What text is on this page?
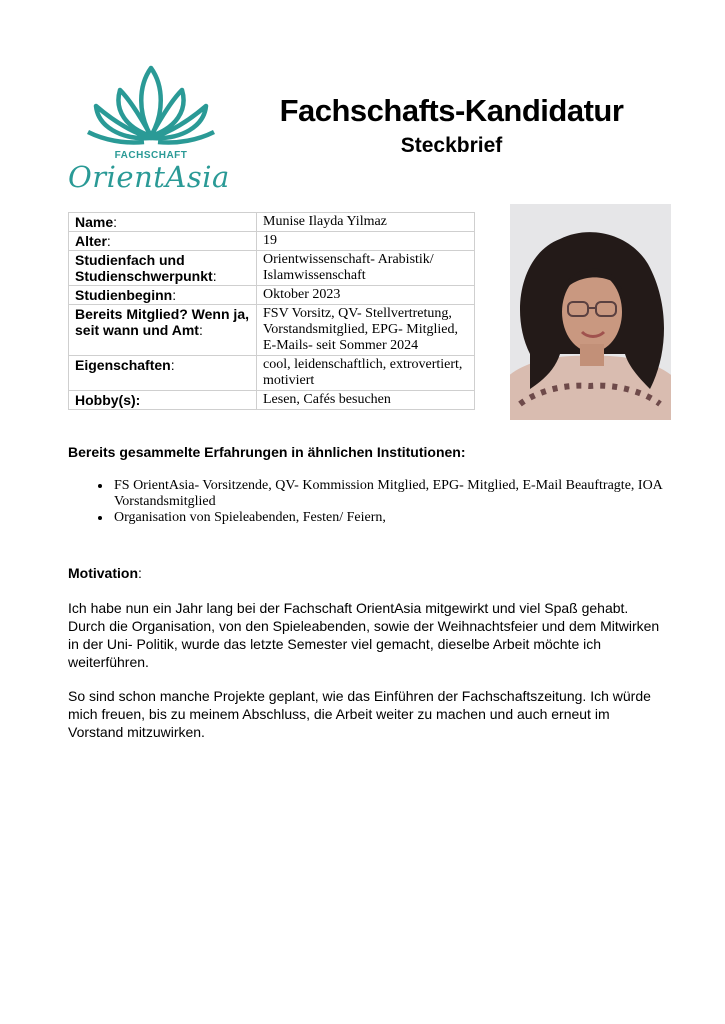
FACHSCHAFT
OrientAsia
Fachschafts-Kandidatur
Steckbrief
Name:	Munise Ilayda Yilmaz
Alter:	19
Studienfach und Studienschwerpunkt:	Orientwissenschaft- Arabistik/ Islamwissenschaft
Studienbeginn:	Oktober 2023
Bereits Mitglied? Wenn ja, seit wann und Amt:	FSV Vorsitz, QV- Stellvertretung, Vorstandsmitglied, EPG- Mitglied, E-Mails- seit Sommer 2024
Eigenschaften:	cool, leidenschaftlich, extrovertiert, motiviert
Hobby(s):	Lesen, Cafés besuchen
Bereits gesammelte Erfahrungen in ähnlichen Institutionen:
• FS OrientAsia- Vorsitzende, QV- Kommission Mitglied, EPG- Mitglied, E-Mail Beauftragte, IOA Vorstandsmitglied
• Organisation von Spieleabenden, Festen/ Feiern,
Motivation:

Ich habe nun ein Jahr lang bei der Fachschaft OrientAsia mitgewirkt und viel Spaß gehabt. Durch die Organisation, von den Spieleabenden, sowie der Weihnachtsfeier und dem Mitwirken in der Uni- Politik, wurde das letzte Semester viel gemacht, dieselbe Arbeit möchte ich weiterführen.

So sind schon manche Projekte geplant, wie das Einführen der Fachschaftszeitung. Ich würde mich freuen, bis zu meinem Abschluss, die Arbeit weiter zu machen und auch erneut im Vorstand mitzuwirken.
